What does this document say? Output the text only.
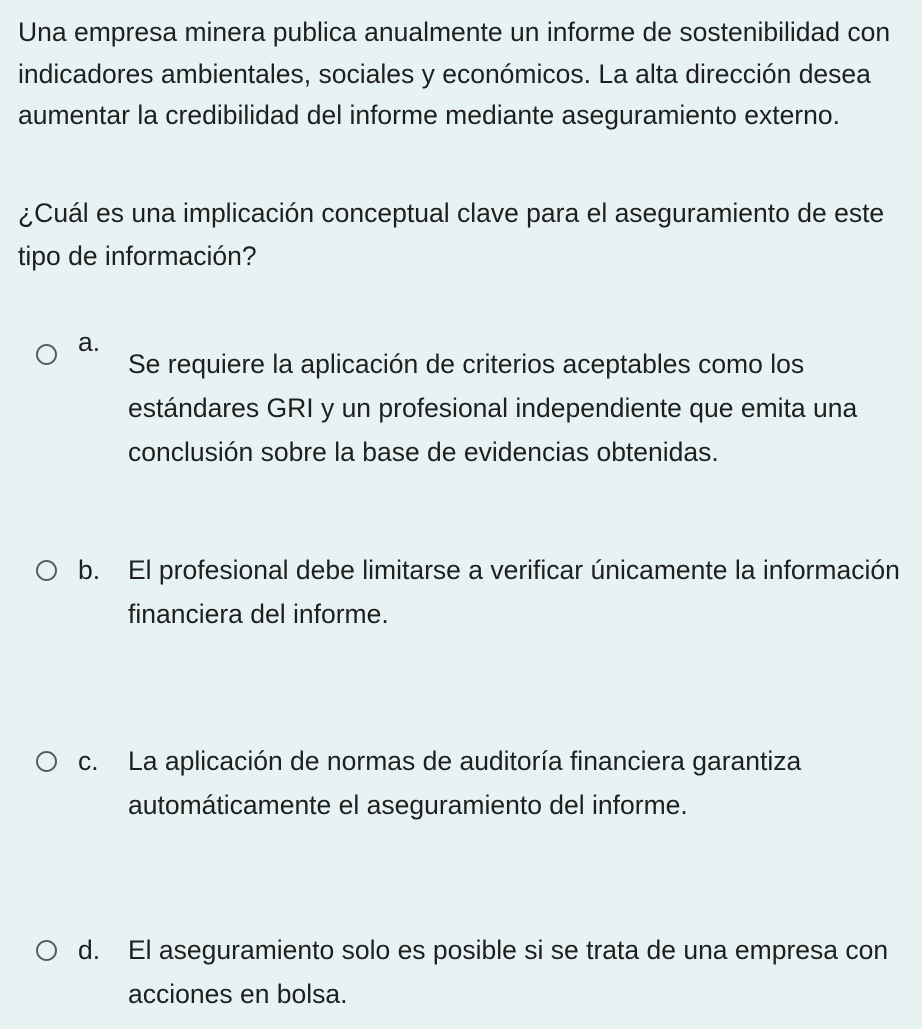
Una empresa minera publica anualmente un informe de sostenibilidad con indicadores ambientales, sociales y económicos. La alta dirección desea aumentar la credibilidad del informe mediante aseguramiento externo.
¿Cuál es una implicación conceptual clave para el aseguramiento de este tipo de información?
a.
Se requiere la aplicación de criterios aceptables como los estándares GRI y un profesional independiente que emita una conclusión sobre la base de evidencias obtenidas.
b. El profesional debe limitarse a verificar únicamente la información financiera del informe.
c. La aplicación de normas de auditoría financiera garantiza automáticamente el aseguramiento del informe.
d. El aseguramiento solo es posible si se trata de una empresa con acciones en bolsa.
